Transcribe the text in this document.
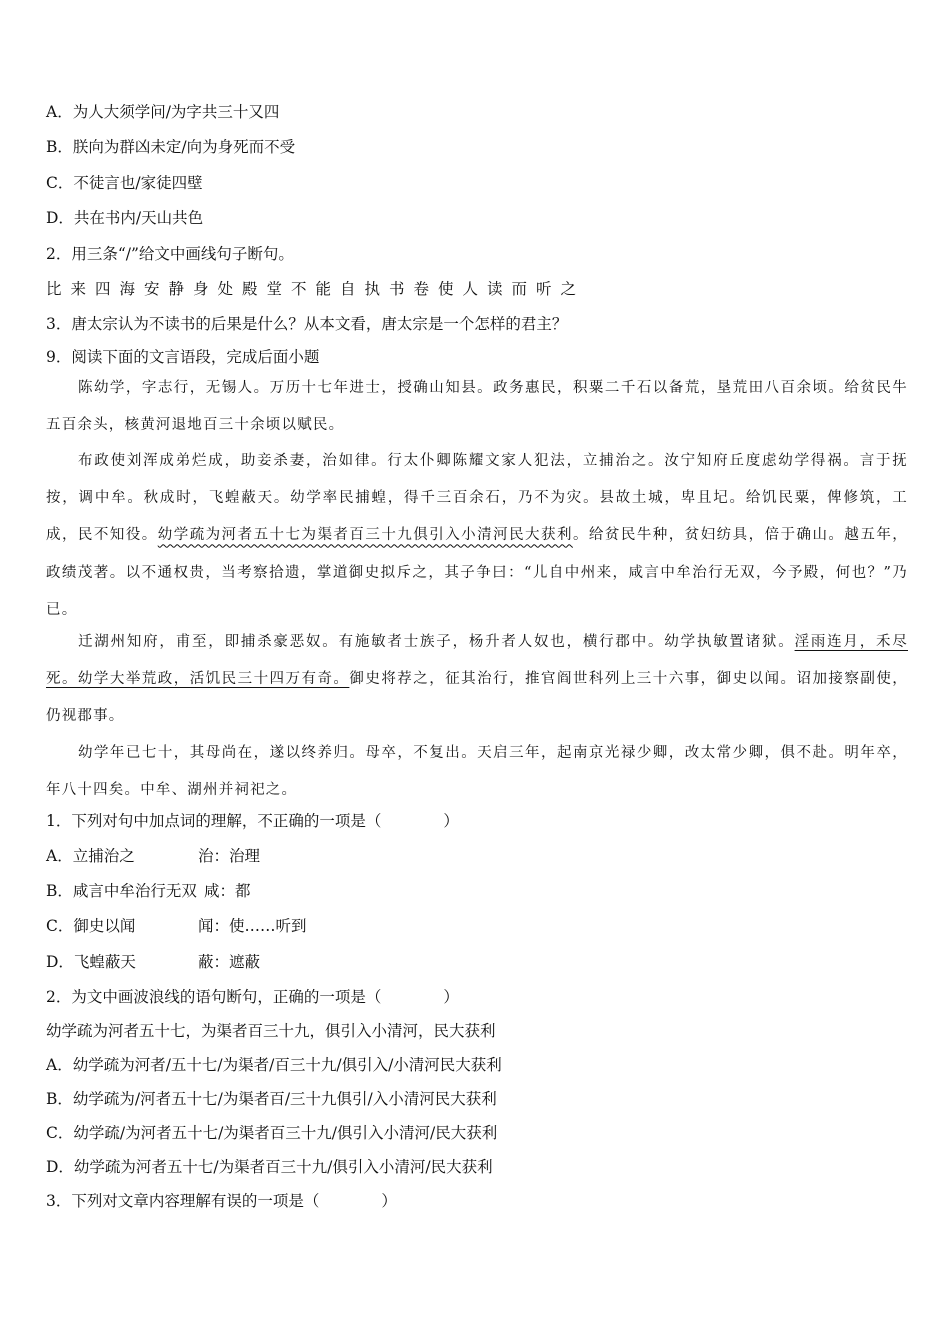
A．为人大须学问/为字共三十又四
B．朕向为群凶未定/向为身死而不受
C．不徒言也/家徒四壁
D．共在书内/天山共色
2．用三条“/”给文中画线句子断句。
比来四海安静身处殿堂不能自执书卷使人读而听之
3．唐太宗认为不读书的后果是什么？从本文看，唐太宗是一个怎样的君主？
9．阅读下面的文言语段，完成后面小题
陈幼学，字志行，无锡人。万历十七年进士，授确山知县。政务惠民，积粟二千石以备荒，垦荒田八百余顷。给贫民牛五百余头，核黄河退地百三十余顷以赋民。
布政使刘浑成弟烂成，助妾杀妻，治如律。行太仆卿陈耀文家人犯法，立捕治之。汝宁知府丘度虑幼学得祸。言于抚按，调中牟。秋成时，飞蝗蔽天。幼学率民捕蝗，得千三百余石，乃不为灾。县故土城，卑且圮。给饥民粟，俾修筑，工成，民不知役。幼学疏为河者五十七为渠者百三十九俱引入小清河民大获利。给贫民牛种，贫妇纺具，倍于确山。越五年，政绩茂著。以不通权贵，当考察拾遗，掌道御史拟斥之，其子争曰：“儿自中州来，咸言中牟治行无双，今予殿，何也？”乃已。
迁湖州知府，甫至，即捕杀豪恶奴。有施敏者士族子，杨升者人奴也，横行郡中。幼学执敏置诸狱。淫雨连月，禾尽死。幼学大举荒政，活饥民三十四万有奇。御史将荐之，征其治行，推官阎世科列上三十六事，御史以闻。诏加接察副使，仍视郡事。
幼学年已七十，其母尚在，遂以终养归。母卒，不复出。天启三年，起南京光禄少卿，改太常少卿，俱不赴。明年卒，年八十四矣。中牟、湖州并祠祀之。
1．下列对句中加点词的理解，不正确的一项是（　　　　）
A．立捕治之	治：治理
B．咸言中牟治行无双 咸：都
C．御史以闻	闻：使……听到
D．飞蝗蔽天	蔽：遮蔽
2．为文中画波浪线的语句断句，正确的一项是（　　　　）
幼学疏为河者五十七，为渠者百三十九，俱引入小清河，民大获利
A．幼学疏为河者/五十七/为渠者/百三十九/俱引入/小清河民大获利
B．幼学疏为/河者五十七/为渠者百/三十九俱引/入小清河民大获利
C．幼学疏/为河者五十七/为渠者百三十九/俱引入小清河/民大获利
D．幼学疏为河者五十七/为渠者百三十九/俱引入小清河/民大获利
3．下列对文章内容理解有误的一项是（　　　　）
